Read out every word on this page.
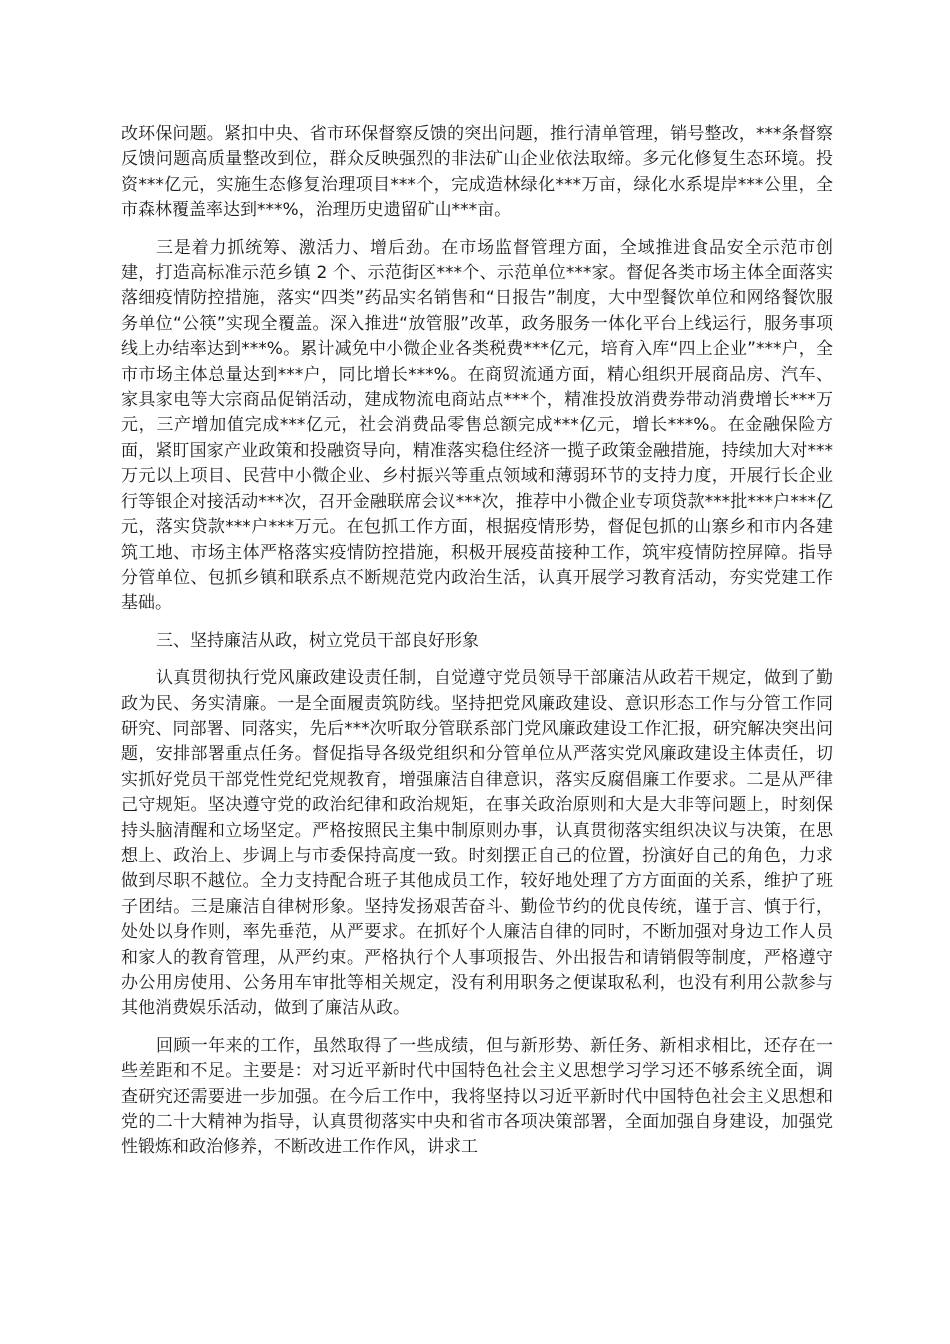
改环保问题。紧扣中央、省市环保督察反馈的突出问题，推行清单管理，销号整改，***条督察反馈问题高质量整改到位，群众反映强烈的非法矿山企业依法取缔。多元化修复生态环境。投资***亿元，实施生态修复治理项目***个，完成造林绿化***万亩，绿化水系堤岸***公里，全市森林覆盖率达到***%，治理历史遗留矿山***亩。

三是着力抓统筹、激活力、增后劲。在市场监督管理方面，全域推进食品安全示范市创建，打造高标准示范乡镇 2 个、示范街区***个、示范单位***家。督促各类市场主体全面落实落细疫情防控措施，落实“四类”药品实名销售和“日报告”制度，大中型餐饮单位和网络餐饮服务单位“公筷”实现全覆盖。深入推进“放管服”改革，政务服务一体化平台上线运行，服务事项线上办结率达到***%。累计减免中小微企业各类税费***亿元，培育入库“四上企业”***户，全市市场主体总量达到***户，同比增长***%。在商贸流通方面，精心组织开展商品房、汽车、家具家电等大宗商品促销活动，建成物流电商站点***个，精准投放消费券带动消费增长***万元，三产增加值完成***亿元，社会消费品零售总额完成***亿元，增长***%。在金融保险方面，紧盯国家产业政策和投融资导向，精准落实稳住经济一揽子政策金融措施，持续加大对***万元以上项目、民营中小微企业、乡村振兴等重点领域和薄弱环节的支持力度，开展行长企业行等银企对接活动***次，召开金融联席会议***次，推荐中小微企业专项贷款***批***户***亿元，落实贷款***户***万元。在包抓工作方面，根据疫情形势，督促包抓的山寨乡和市内各建筑工地、市场主体严格落实疫情防控措施，积极开展疫苗接种工作，筑牢疫情防控屏障。指导分管单位、包抓乡镇和联系点不断规范党内政治生活，认真开展学习教育活动，夯实党建工作基础。

三、坚持廉洁从政，树立党员干部良好形象

认真贯彻执行党风廉政建设责任制，自觉遵守党员领导干部廉洁从政若干规定，做到了勤政为民、务实清廉。一是全面履责筑防线。坚持把党风廉政建设、意识形态工作与分管工作同研究、同部署、同落实，先后***次听取分管联系部门党风廉政建设工作汇报，研究解决突出问题，安排部署重点任务。督促指导各级党组织和分管单位从严落实党风廉政建设主体责任，切实抓好党员干部党性党纪党规教育，增强廉洁自律意识，落实反腐倡廉工作要求。二是从严律己守规矩。坚决遵守党的政治纪律和政治规矩，在事关政治原则和大是大非等问题上，时刻保持头脑清醒和立场坚定。严格按照民主集中制原则办事，认真贯彻落实组织决议与决策，在思想上、政治上、步调上与市委保持高度一致。时刻摆正自己的位置，扮演好自己的角色，力求做到尽职不越位。全力支持配合班子其他成员工作，较好地处理了方方面面的关系，维护了班子团结。三是廉洁自律树形象。坚持发扬艰苦奋斗、勤俭节约的优良传统，谨于言、慎于行，处处以身作则，率先垂范，从严要求。在抓好个人廉洁自律的同时，不断加强对身边工作人员和家人的教育管理，从严约束。严格执行个人事项报告、外出报告和请销假等制度，严格遵守办公用房使用、公务用车审批等相关规定，没有利用职务之便谋取私利，也没有利用公款参与其他消费娱乐活动，做到了廉洁从政。

回顾一年来的工作，虽然取得了一些成绩，但与新形势、新任务、新相求相比，还存在一些差距和不足。主要是：对习近平新时代中国特色社会主义思想学习学习还不够系统全面，调查研究还需要进一步加强。在今后工作中，我将坚持以习近平新时代中国特色社会主义思想和党的二十大精神为指导，认真贯彻落实中央和省市各项决策部署，全面加强自身建设，加强党性锻炼和政治修养，不断改进工作作风，讲求工
